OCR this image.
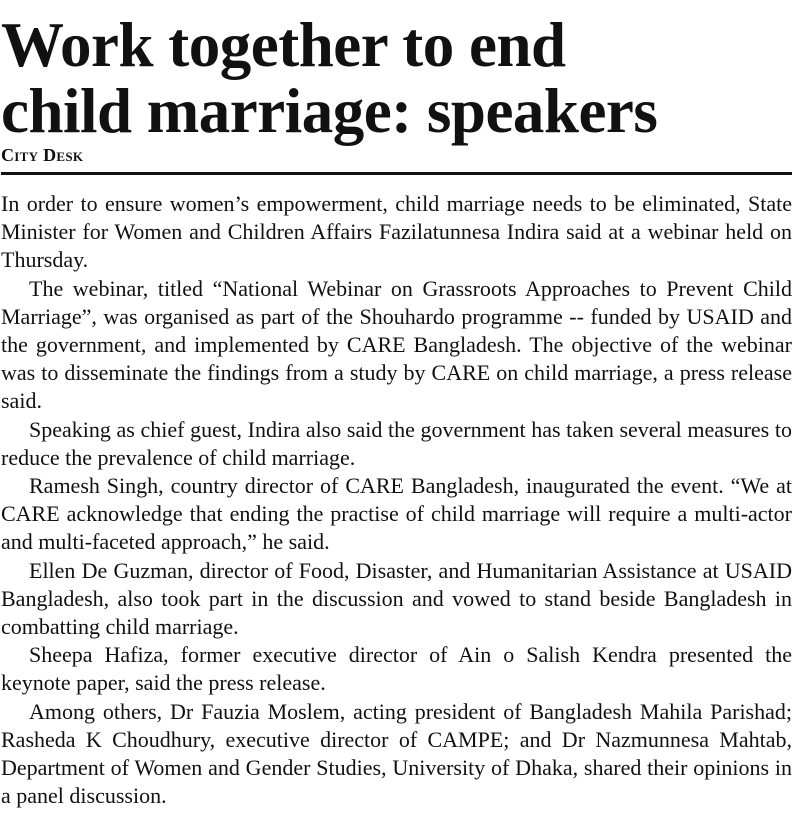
Work together to end
child marriage: speakers
City Desk

In order to ensure women’s empowerment, child marriage needs to be eliminated, State Minister for Women and Children Affairs Fazilatunnesa Indira said at a webinar held on Thursday.

The webinar, titled “National Webinar on Grassroots Approaches to Prevent Child Marriage”, was organised as part of the Shouhardo programme -- funded by USAID and the government, and implemented by CARE Bangladesh. The objective of the webinar was to disseminate the findings from a study by CARE on child marriage, a press release said.

Speaking as chief guest, Indira also said the government has taken several measures to reduce the prevalence of child marriage.

Ramesh Singh, country director of CARE Bangladesh, inaugurated the event. “We at CARE acknowledge that ending the practise of child marriage will require a multi-actor and multi-faceted approach,” he said.

Ellen De Guzman, director of Food, Disaster, and Humanitarian Assistance at USAID Bangladesh, also took part in the discussion and vowed to stand beside Bangladesh in combatting child marriage.

Sheepa Hafiza, former executive director of Ain o Salish Kendra presented the keynote paper, said the press release.

Among others, Dr Fauzia Moslem, acting president of Bangladesh Mahila Parishad; Rasheda K Choudhury, executive director of CAMPE; and Dr Nazmunnesa Mahtab, Department of Women and Gender Studies, University of Dhaka, shared their opinions in a panel discussion.
